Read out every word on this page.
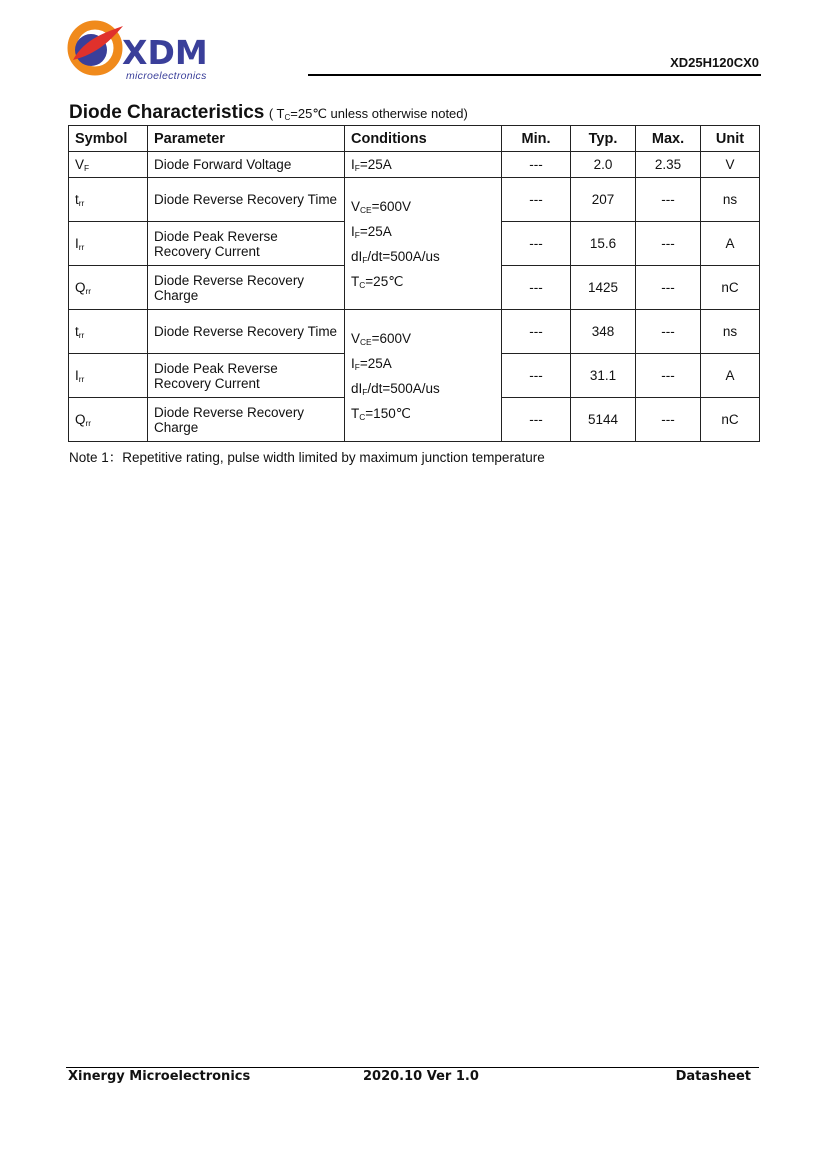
XDM
microelectronics
XD25H120CX0
Diode Characteristics ( $T_C=25℃$ unless otherwise noted)
Symbol	Parameter	Conditions	Min.	Typ.	Max.	Unit
$V_F$	Diode Forward Voltage	$I_F=25A$	---	2.0	2.35	V
$t_{rr}$	Diode Reverse Recovery Time	$V_{CE}=600V$
$I_F=25A$
$dI_F/dt=500A/us$
$T_C=25℃$	---	207	---	ns
$I_{rr}$	Diode Peak Reverse Recovery Current		---	15.6	---	A
$Q_{rr}$	Diode Reverse Recovery Charge		---	1425	---	nC
$t_{rr}$	Diode Reverse Recovery Time	$V_{CE}=600V$
$I_F=25A$
$dI_F/dt=500A/us$
$T_C=150℃$	---	348	---	ns
$I_{rr}$	Diode Peak Reverse Recovery Current		---	31.1	---	A
$Q_{rr}$	Diode Reverse Recovery Charge		---	5144	---	nC
Note 1：Repetitive rating, pulse width limited by maximum junction temperature
Xinergy Microelectronics	2020.10 Ver 1.0	Datasheet
